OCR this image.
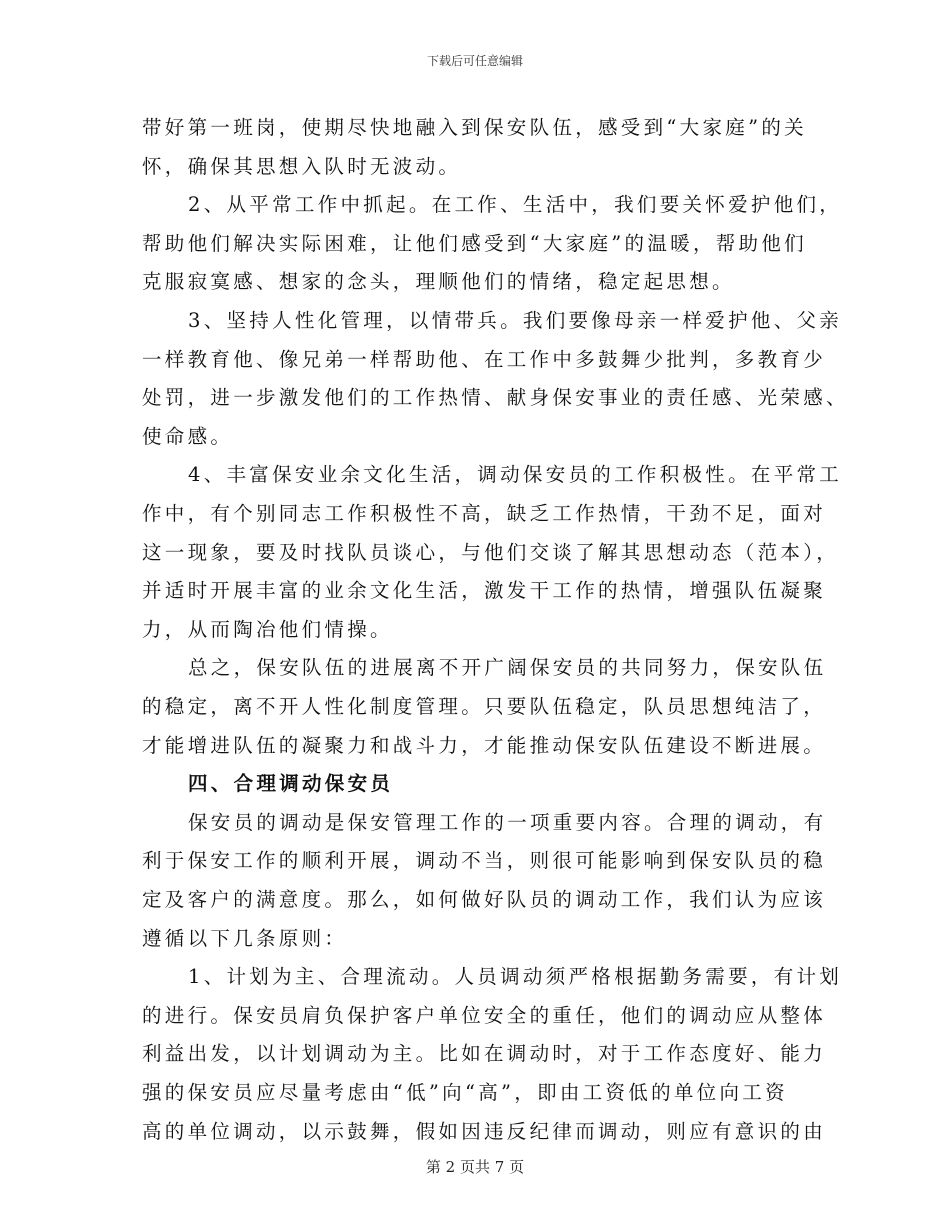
下载后可任意编辑
带好第一班岗，使期尽快地融入到保安队伍，感受到“大家庭”的关
怀，确保其思想入队时无波动。
2、从平常工作中抓起。在工作、生活中，我们要关怀爱护他们，
帮助他们解决实际困难，让他们感受到“大家庭”的温暖，帮助他们
克服寂寞感、想家的念头，理顺他们的情绪，稳定起思想。
3、坚持人性化管理，以情带兵。我们要像母亲一样爱护他、父亲
一样教育他、像兄弟一样帮助他、在工作中多鼓舞少批判，多教育少
处罚，进一步激发他们的工作热情、献身保安事业的责任感、光荣感、
使命感。
4、丰富保安业余文化生活，调动保安员的工作积极性。在平常工
作中，有个别同志工作积极性不高，缺乏工作热情，干劲不足，面对
这一现象，要及时找队员谈心，与他们交谈了解其思想动态（范本），
并适时开展丰富的业余文化生活，激发干工作的热情，增强队伍凝聚
力，从而陶冶他们情操。
总之，保安队伍的进展离不开广阔保安员的共同努力，保安队伍
的稳定，离不开人性化制度管理。只要队伍稳定，队员思想纯洁了，
才能增进队伍的凝聚力和战斗力，才能推动保安队伍建设不断进展。
四、合理调动保安员
保安员的调动是保安管理工作的一项重要内容。合理的调动，有
利于保安工作的顺利开展，调动不当，则很可能影响到保安队员的稳
定及客户的满意度。那么，如何做好队员的调动工作，我们认为应该
遵循以下几条原则：
1、计划为主、合理流动。人员调动须严格根据勤务需要，有计划
的进行。保安员肩负保护客户单位安全的重任，他们的调动应从整体
利益出发，以计划调动为主。比如在调动时，对于工作态度好、能力
强的保安员应尽量考虑由“低”向“高”，即由工资低的单位向工资
高的单位调动，以示鼓舞，假如因违反纪律而调动，则应有意识的由
第 2 页共 7 页
